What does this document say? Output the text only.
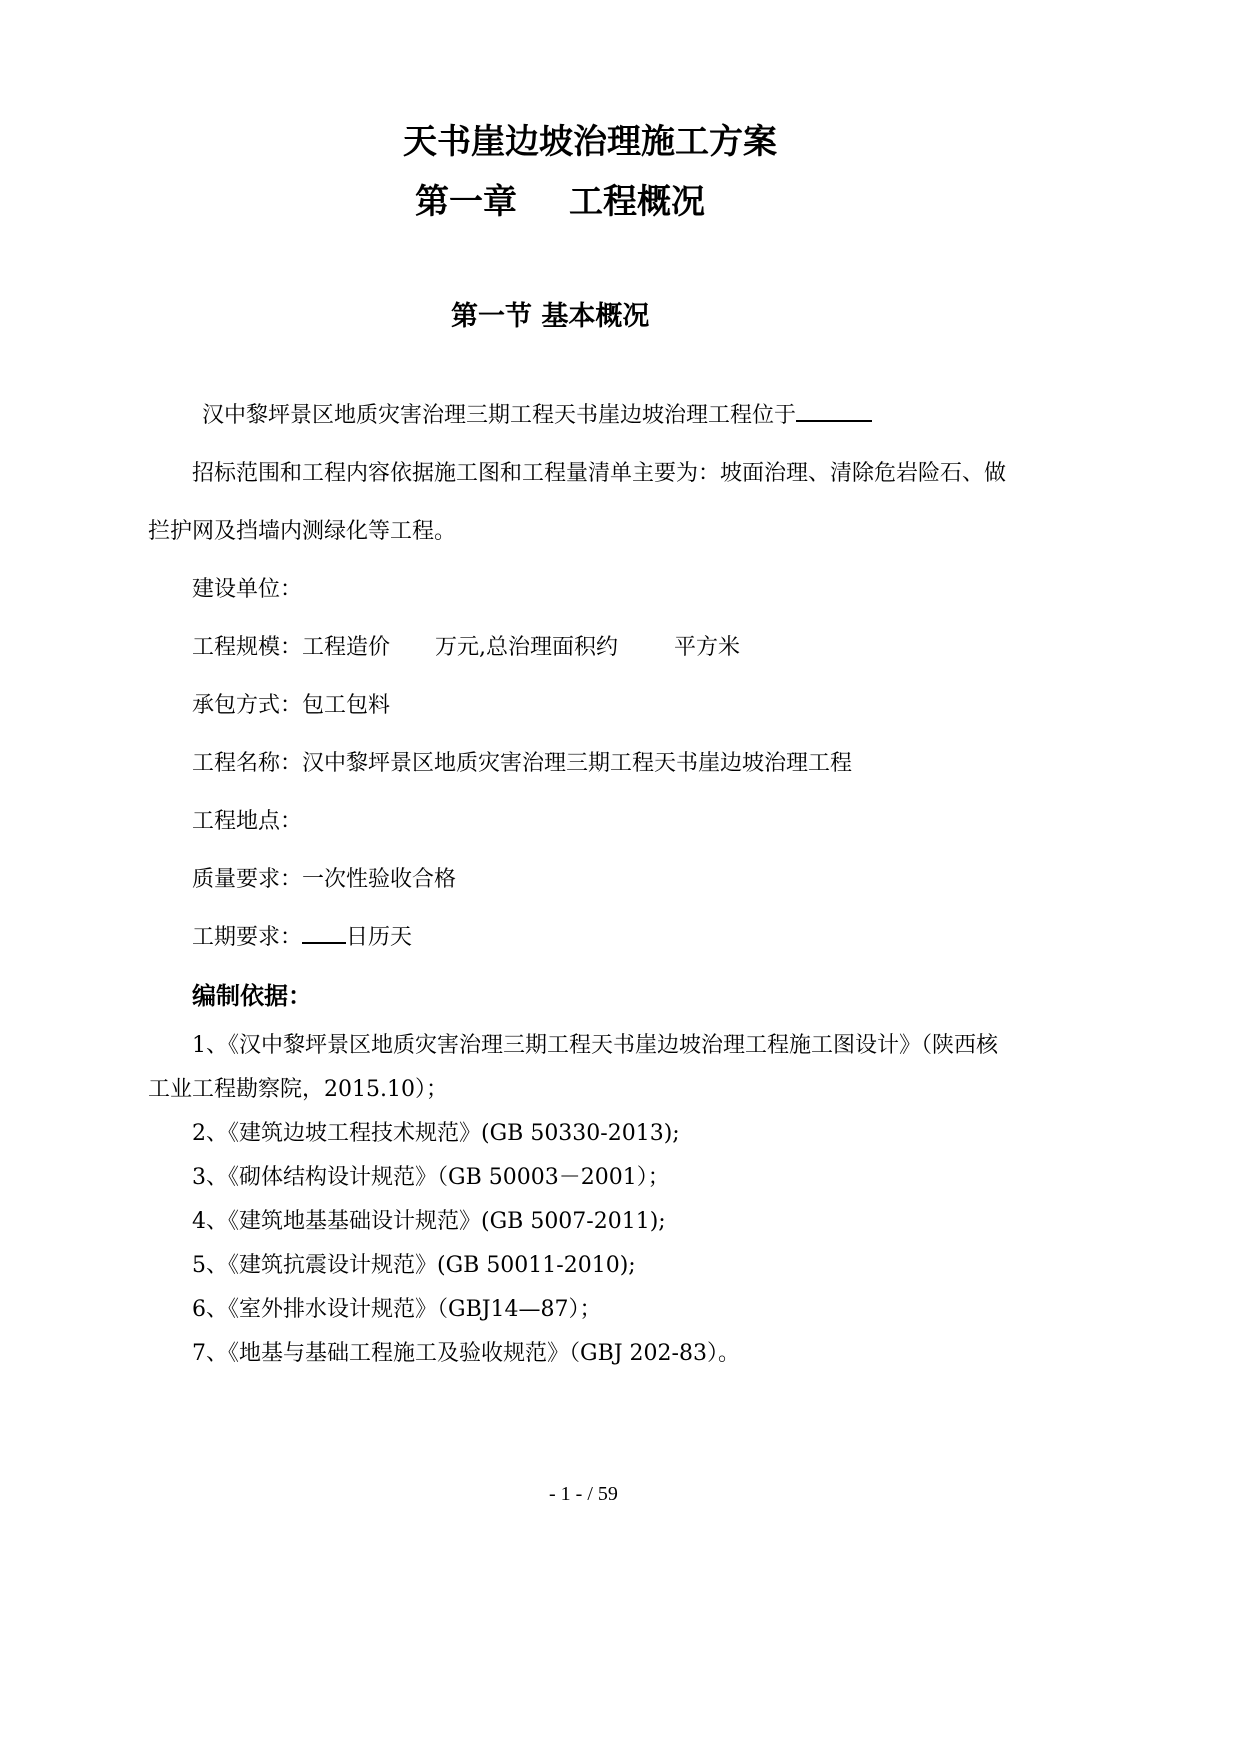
天书崖边坡治理施工方案
第一章 工程概况
第一节 基本概况
汉中黎坪景区地质灾害治理三期工程天书崖边坡治理工程位于
招标范围和工程内容依据施工图和工程量清单主要为：坡面治理、清除危岩险石、做
拦护网及挡墙内测绿化等工程。
建设单位：
工程规模：工程造价 万元,总治理面积约	平方米
承包方式：包工包料
工程名称：汉中黎坪景区地质灾害治理三期工程天书崖边坡治理工程
工程地点：
质量要求：一次性验收合格
工期要求： 日历天
编制依据：
1、《汉中黎坪景区地质灾害治理三期工程天书崖边坡治理工程施工图设计》（陕西核
工业工程勘察院，2015.10）；
2、《建筑边坡工程技术规范》(GB 50330-2013);
3、《砌体结构设计规范》（GB 50003－2001）；
4、《建筑地基基础设计规范》(GB 5007-2011);
5、《建筑抗震设计规范》(GB 50011-2010);
6、《室外排水设计规范》（GBJ14—87）；
7、《地基与基础工程施工及验收规范》（GBJ 202-83）。
- 1 - / 59
